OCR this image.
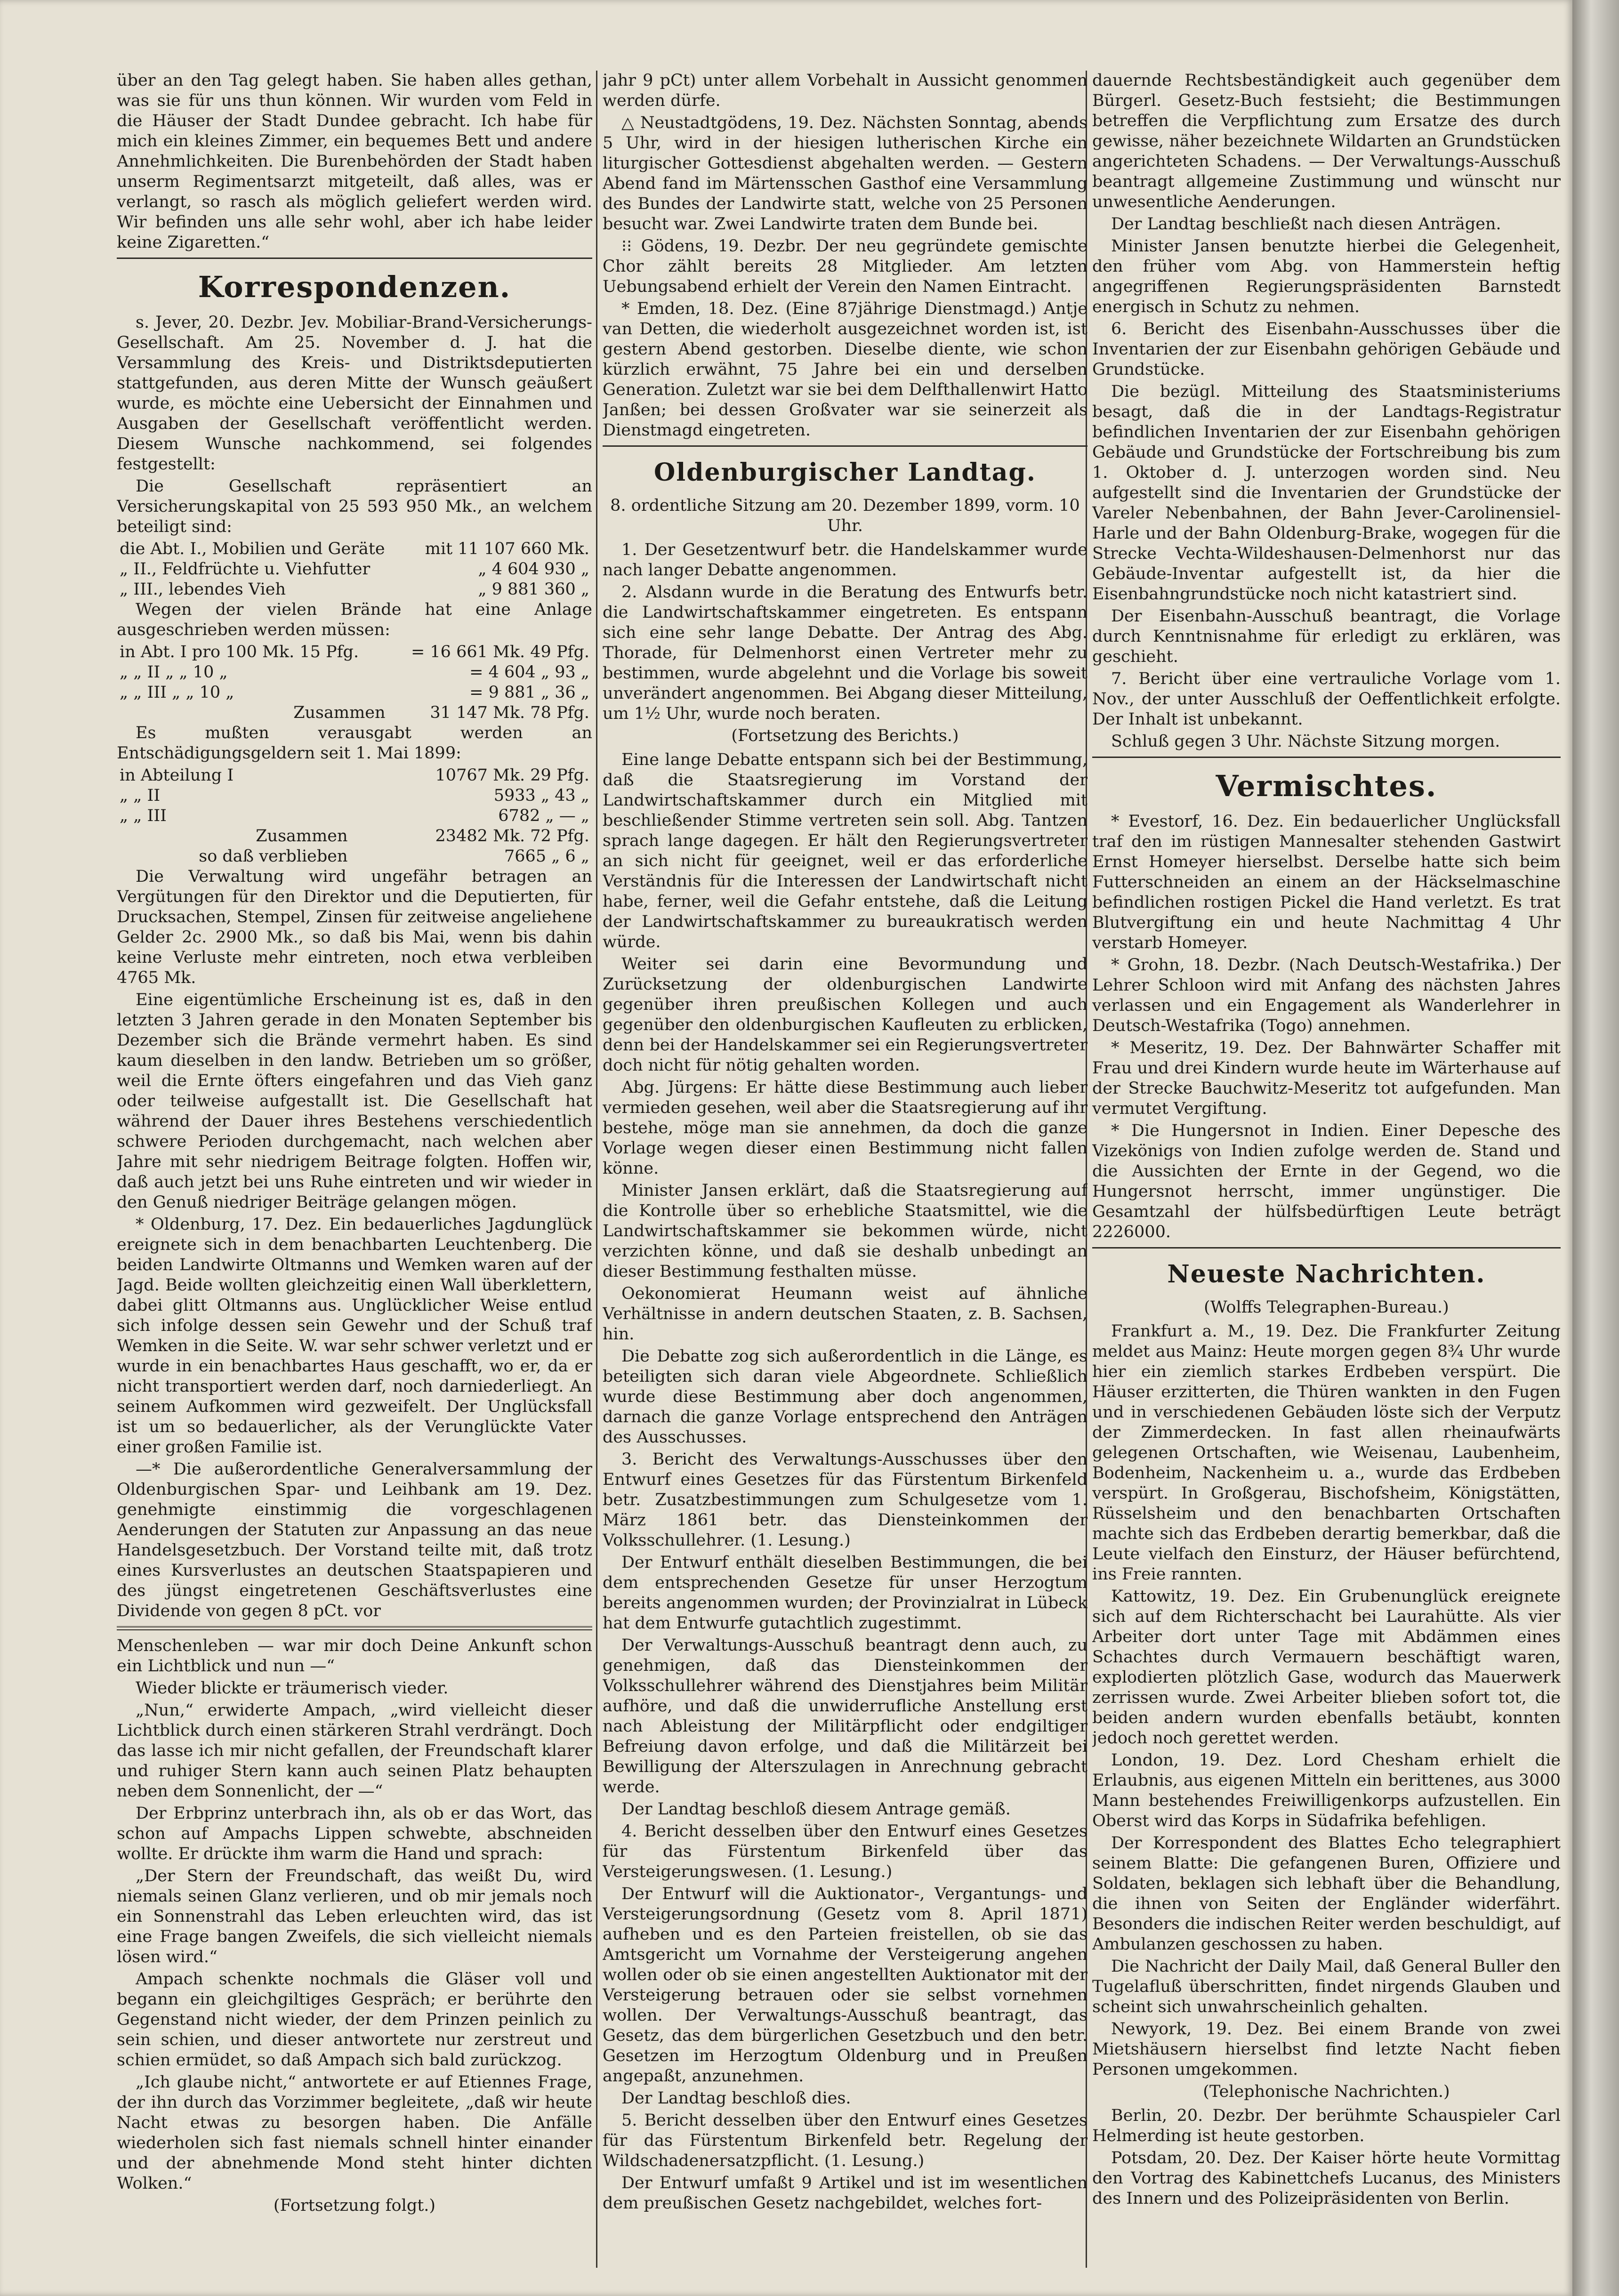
über an den Tag gelegt haben. Sie haben alles gethan, was sie für uns thun können. Wir wurden vom Feld in die Häuser der Stadt Dundee gebracht. Ich habe für mich ein kleines Zimmer, ein bequemes Bett und andere Annehmlichkeiten. Die Burenbehörden der Stadt haben unserm Regimentsarzt mitgeteilt, daß alles, was er verlangt, so rasch als möglich geliefert werden wird. Wir befinden uns alle sehr wohl, aber ich habe leider keine Zigaretten.“

Korrespondenzen.

s. Jever, 20. Dezbr. Jev. Mobiliar-Brand-Versicherungs-Gesellschaft. Am 25. November d. J. hat die Versammlung des Kreis- und Distriktsdeputierten stattgefunden, aus deren Mitte der Wunsch geäußert wurde, es möchte eine Uebersicht der Einnahmen und Ausgaben der Gesellschaft veröffentlicht werden. Diesem Wunsche nachkommend, sei folgendes festgestellt:

Die Gesellschaft repräsentiert an Versicherungskapital von 25 593 950 Mk., an welchem beteiligt sind:

die Abt. I., Mobilien und Geräte	mit 11 107 660 Mk.
„ II., Feldfrüchte u. Viehfutter	„ 4 604 930 „
„ III., lebendes Vieh	„ 9 881 360 „

Wegen der vielen Brände hat eine Anlage ausgeschrieben werden müssen:

in Abt. I pro 100 Mk. 15 Pfg.	= 16 661 Mk. 49 Pfg.
„ „ II „ „ 10 „	= 4 604 „ 93 „
„ „ III „ „ 10 „	= 9 881 „ 36 „
Zusammen	31 147 Mk. 78 Pfg.

Es mußten verausgabt werden an Entschädigungsgeldern seit 1. Mai 1899:

in Abteilung I	10767 Mk. 29 Pfg.
„ „ II	5933 „ 43 „
„ „ III	6782 „ — „
Zusammen	23482 Mk. 72 Pfg.
so daß verblieben	7665 „ 6 „

Die Verwaltung wird ungefähr betragen an Vergütungen für den Direktor und die Deputierten, für Drucksachen, Stempel, Zinsen für zeitweise angeliehene Gelder 2c. 2900 Mk., so daß bis Mai, wenn bis dahin keine Verluste mehr eintreten, noch etwa verbleiben 4765 Mk.

Eine eigentümliche Erscheinung ist es, daß in den letzten 3 Jahren gerade in den Monaten September bis Dezember sich die Brände vermehrt haben. Es sind kaum dieselben in den landw. Betrieben um so größer, weil die Ernte öfters eingefahren und das Vieh ganz oder teilweise aufgestallt ist. Die Gesellschaft hat während der Dauer ihres Bestehens verschiedentlich schwere Perioden durchgemacht, nach welchen aber Jahre mit sehr niedrigem Beitrage folgten. Hoffen wir, daß auch jetzt bei uns Ruhe eintreten und wir wieder in den Genuß niedriger Beiträge gelangen mögen.

* Oldenburg, 17. Dez. Ein bedauerliches Jagdunglück ereignete sich in dem benachbarten Leuchtenberg. Die beiden Landwirte Oltmanns und Wemken waren auf der Jagd. Beide wollten gleichzeitig einen Wall überklettern, dabei glitt Oltmanns aus. Unglücklicher Weise entlud sich infolge dessen sein Gewehr und der Schuß traf Wemken in die Seite. W. war sehr schwer verletzt und er wurde in ein benachbartes Haus geschafft, wo er, da er nicht transportiert werden darf, noch darniederliegt. An seinem Aufkommen wird gezweifelt. Der Unglücksfall ist um so bedauerlicher, als der Verunglückte Vater einer großen Familie ist.

—* Die außerordentliche Generalversammlung der Oldenburgischen Spar- und Leihbank am 19. Dez. genehmigte einstimmig die vorgeschlagenen Aenderungen der Statuten zur Anpassung an das neue Handelsgesetzbuch. Der Vorstand teilte mit, daß trotz eines Kursverlustes an deutschen Staatspapieren und des jüngst eingetretenen Geschäftsverlustes eine Dividende von gegen 8 pCt. vor

Menschenleben — war mir doch Deine Ankunft schon ein Lichtblick und nun —“

Wieder blickte er träumerisch vieder.

„Nun,“ erwiderte Ampach, „wird vielleicht dieser Lichtblick durch einen stärkeren Strahl verdrängt. Doch das lasse ich mir nicht gefallen, der Freundschaft klarer und ruhiger Stern kann auch seinen Platz behaupten neben dem Sonnenlicht, der —“

Der Erbprinz unterbrach ihn, als ob er das Wort, das schon auf Ampachs Lippen schwebte, abschneiden wollte. Er drückte ihm warm die Hand und sprach:

„Der Stern der Freundschaft, das weißt Du, wird niemals seinen Glanz verlieren, und ob mir jemals noch ein Sonnenstrahl das Leben erleuchten wird, das ist eine Frage bangen Zweifels, die sich vielleicht niemals lösen wird.“

Ampach schenkte nochmals die Gläser voll und begann ein gleichgiltiges Gespräch; er berührte den Gegenstand nicht wieder, der dem Prinzen peinlich zu sein schien, und dieser antwortete nur zerstreut und schien ermüdet, so daß Ampach sich bald zurückzog.

„Ich glaube nicht,“ antwortete er auf Etiennes Frage, der ihn durch das Vorzimmer begleitete, „daß wir heute Nacht etwas zu besorgen haben. Die Anfälle wiederholen sich fast niemals schnell hinter einander und der abnehmende Mond steht hinter dichten Wolken.“

(Fortsetzung folgt.)

jahr 9 pCt) unter allem Vorbehalt in Aussicht genommen werden dürfe.

△ Neustadtgödens, 19. Dez. Nächsten Sonntag, abends 5 Uhr, wird in der hiesigen lutherischen Kirche ein liturgischer Gottesdienst abgehalten werden. — Gestern Abend fand im Märtensschen Gasthof eine Versammlung des Bundes der Landwirte statt, welche von 25 Personen besucht war. Zwei Landwirte traten dem Bunde bei.

⁝⁝ Gödens, 19. Dezbr. Der neu gegründete gemischte Chor zählt bereits 28 Mitglieder. Am letzten Uebungsabend erhielt der Verein den Namen Eintracht.

* Emden, 18. Dez. (Eine 87jährige Dienstmagd.) Antje van Detten, die wiederholt ausgezeichnet worden ist, ist gestern Abend gestorben. Dieselbe diente, wie schon kürzlich erwähnt, 75 Jahre bei ein und derselben Generation. Zuletzt war sie bei dem Delfthallenwirt Hatto Janßen; bei dessen Großvater war sie seinerzeit als Dienstmagd eingetreten.

Oldenburgischer Landtag.

8. ordentliche Sitzung am 20. Dezember 1899, vorm. 10 Uhr.

1. Der Gesetzentwurf betr. die Handelskammer wurde nach langer Debatte angenommen.

2. Alsdann wurde in die Beratung des Entwurfs betr. die Landwirtschaftskammer eingetreten. Es entspann sich eine sehr lange Debatte. Der Antrag des Abg. Thorade, für Delmenhorst einen Vertreter mehr zu bestimmen, wurde abgelehnt und die Vorlage bis soweit unverändert angenommen. Bei Abgang dieser Mitteilung, um 1½ Uhr, wurde noch beraten.

(Fortsetzung des Berichts.)

Eine lange Debatte entspann sich bei der Bestimmung, daß die Staatsregierung im Vorstand der Landwirtschaftskammer durch ein Mitglied mit beschließender Stimme vertreten sein soll. Abg. Tantzen sprach lange dagegen. Er hält den Regierungsvertreter an sich nicht für geeignet, weil er das erforderliche Verständnis für die Interessen der Landwirtschaft nicht habe, ferner, weil die Gefahr entstehe, daß die Leitung der Landwirtschaftskammer zu bureaukratisch werden würde.

Weiter sei darin eine Bevormundung und Zurücksetzung der oldenburgischen Landwirte gegenüber ihren preußischen Kollegen und auch gegenüber den oldenburgischen Kaufleuten zu erblicken, denn bei der Handelskammer sei ein Regierungsvertreter doch nicht für nötig gehalten worden.

Abg. Jürgens: Er hätte diese Bestimmung auch lieber vermieden gesehen, weil aber die Staatsregierung auf ihr bestehe, möge man sie annehmen, da doch die ganze Vorlage wegen dieser einen Bestimmung nicht fallen könne.

Minister Jansen erklärt, daß die Staatsregierung auf die Kontrolle über so erhebliche Staatsmittel, wie die Landwirtschaftskammer sie bekommen würde, nicht verzichten könne, und daß sie deshalb unbedingt an dieser Bestimmung festhalten müsse.

Oekonomierat Heumann weist auf ähnliche Verhältnisse in andern deutschen Staaten, z. B. Sachsen, hin.

Die Debatte zog sich außerordentlich in die Länge, es beteiligten sich daran viele Abgeordnete. Schließlich wurde diese Bestimmung aber doch angenommen, darnach die ganze Vorlage entsprechend den Anträgen des Ausschusses.

3. Bericht des Verwaltungs-Ausschusses über den Entwurf eines Gesetzes für das Fürstentum Birkenfeld betr. Zusatzbestimmungen zum Schulgesetze vom 1. März 1861 betr. das Diensteinkommen der Volksschullehrer. (1. Lesung.)

Der Entwurf enthält dieselben Bestimmungen, die bei dem entsprechenden Gesetze für unser Herzogtum bereits angenommen wurden; der Provinzialrat in Lübeck hat dem Entwurfe gutachtlich zugestimmt.

Der Verwaltungs-Ausschuß beantragt denn auch, zu genehmigen, daß das Diensteinkommen der Volksschullehrer während des Dienstjahres beim Militär aufhöre, und daß die unwiderrufliche Anstellung erst nach Ableistung der Militärpflicht oder endgiltiger Befreiung davon erfolge, und daß die Militärzeit bei Bewilligung der Alterszulagen in Anrechnung gebracht werde.

Der Landtag beschloß diesem Antrage gemäß.

4. Bericht desselben über den Entwurf eines Gesetzes für das Fürstentum Birkenfeld über das Versteigerungswesen. (1. Lesung.)

Der Entwurf will die Auktionator-, Vergantungs- und Versteigerungsordnung (Gesetz vom 8. April 1871) aufheben und es den Parteien freistellen, ob sie das Amtsgericht um Vornahme der Versteigerung angehen wollen oder ob sie einen angestellten Auktionator mit der Versteigerung betrauen oder sie selbst vornehmen wollen. Der Verwaltungs-Ausschuß beantragt, das Gesetz, das dem bürgerlichen Gesetzbuch und den betr. Gesetzen im Herzogtum Oldenburg und in Preußen angepaßt, anzunehmen.

Der Landtag beschloß dies.

5. Bericht desselben über den Entwurf eines Gesetzes für das Fürstentum Birkenfeld betr. Regelung der Wildschadenersatzpflicht. (1. Lesung.)

Der Entwurf umfaßt 9 Artikel und ist im wesentlichen dem preußischen Gesetz nachgebildet, welches fort-

dauernde Rechtsbeständigkeit auch gegenüber dem Bürgerl. Gesetz-Buch festsieht; die Bestimmungen betreffen die Verpflichtung zum Ersatze des durch gewisse, näher bezeichnete Wildarten an Grundstücken angerichteten Schadens. — Der Verwaltungs-Ausschuß beantragt allgemeine Zustimmung und wünscht nur unwesentliche Aenderungen.

Der Landtag beschließt nach diesen Anträgen.

Minister Jansen benutzte hierbei die Gelegenheit, den früher vom Abg. von Hammerstein heftig angegriffenen Regierungspräsidenten Barnstedt energisch in Schutz zu nehmen.

6. Bericht des Eisenbahn-Ausschusses über die Inventarien der zur Eisenbahn gehörigen Gebäude und Grundstücke.

Die bezügl. Mitteilung des Staatsministeriums besagt, daß die in der Landtags-Registratur befindlichen Inventarien der zur Eisenbahn gehörigen Gebäude und Grundstücke der Fortschreibung bis zum 1. Oktober d. J. unterzogen worden sind. Neu aufgestellt sind die Inventarien der Grundstücke der Vareler Nebenbahnen, der Bahn Jever-Carolinensiel-Harle und der Bahn Oldenburg-Brake, wogegen für die Strecke Vechta-Wildeshausen-Delmenhorst nur das Gebäude-Inventar aufgestellt ist, da hier die Eisenbahngrundstücke noch nicht katastriert sind.

Der Eisenbahn-Ausschuß beantragt, die Vorlage durch Kenntnisnahme für erledigt zu erklären, was geschieht.

7. Bericht über eine vertrauliche Vorlage vom 1. Nov., der unter Ausschluß der Oeffentlichkeit erfolgte. Der Inhalt ist unbekannt.

Schluß gegen 3 Uhr. Nächste Sitzung morgen.

Vermischtes.

* Evestorf, 16. Dez. Ein bedauerlicher Unglücksfall traf den im rüstigen Mannesalter stehenden Gastwirt Ernst Homeyer hierselbst. Derselbe hatte sich beim Futterschneiden an einem an der Häckselmaschine befindlichen rostigen Pickel die Hand verletzt. Es trat Blutvergiftung ein und heute Nachmittag 4 Uhr verstarb Homeyer.

* Grohn, 18. Dezbr. (Nach Deutsch-Westafrika.) Der Lehrer Schloon wird mit Anfang des nächsten Jahres verlassen und ein Engagement als Wanderlehrer in Deutsch-Westafrika (Togo) annehmen.

* Meseritz, 19. Dez. Der Bahnwärter Schaffer mit Frau und drei Kindern wurde heute im Wärterhause auf der Strecke Bauchwitz-Meseritz tot aufgefunden. Man vermutet Vergiftung.

* Die Hungersnot in Indien. Einer Depesche des Vizekönigs von Indien zufolge werden de. Stand und die Aussichten der Ernte in der Gegend, wo die Hungersnot herrscht, immer ungünstiger. Die Gesamtzahl der hülfsbedürftigen Leute beträgt 2226000.

Neueste Nachrichten.

(Wolffs Telegraphen-Bureau.)

Frankfurt a. M., 19. Dez. Die Frankfurter Zeitung meldet aus Mainz: Heute morgen gegen 8¾ Uhr wurde hier ein ziemlich starkes Erdbeben verspürt. Die Häuser erzitterten, die Thüren wankten in den Fugen und in verschiedenen Gebäuden löste sich der Verputz der Zimmerdecken. In fast allen rheinaufwärts gelegenen Ortschaften, wie Weisenau, Laubenheim, Bodenheim, Nackenheim u. a., wurde das Erdbeben verspürt. In Großgerau, Bischofsheim, Königstätten, Rüsselsheim und den benachbarten Ortschaften machte sich das Erdbeben derartig bemerkbar, daß die Leute vielfach den Einsturz, der Häuser befürchtend, ins Freie rannten.

Kattowitz, 19. Dez. Ein Grubenunglück ereignete sich auf dem Richterschacht bei Laurahütte. Als vier Arbeiter dort unter Tage mit Abdämmen eines Schachtes durch Vermauern beschäftigt waren, explodierten plötzlich Gase, wodurch das Mauerwerk zerrissen wurde. Zwei Arbeiter blieben sofort tot, die beiden andern wurden ebenfalls betäubt, konnten jedoch noch gerettet werden.

London, 19. Dez. Lord Chesham erhielt die Erlaubnis, aus eigenen Mitteln ein berittenes, aus 3000 Mann bestehendes Freiwilligenkorps aufzustellen. Ein Oberst wird das Korps in Südafrika befehligen.

Der Korrespondent des Blattes Echo telegraphiert seinem Blatte: Die gefangenen Buren, Offiziere und Soldaten, beklagen sich lebhaft über die Behandlung, die ihnen von Seiten der Engländer widerfährt. Besonders die indischen Reiter werden beschuldigt, auf Ambulanzen geschossen zu haben.

Die Nachricht der Daily Mail, daß General Buller den Tugelafluß überschritten, findet nirgends Glauben und scheint sich unwahrscheinlich gehalten.

Newyork, 19. Dez. Bei einem Brande von zwei Mietshäusern hierselbst find letzte Nacht fieben Personen umgekommen.

(Telephonische Nachrichten.)

Berlin, 20. Dezbr. Der berühmte Schauspieler Carl Helmerding ist heute gestorben.

Potsdam, 20. Dez. Der Kaiser hörte heute Vormittag den Vortrag des Kabinettchefs Lucanus, des Ministers des Innern und des Polizeipräsidenten von Berlin.
